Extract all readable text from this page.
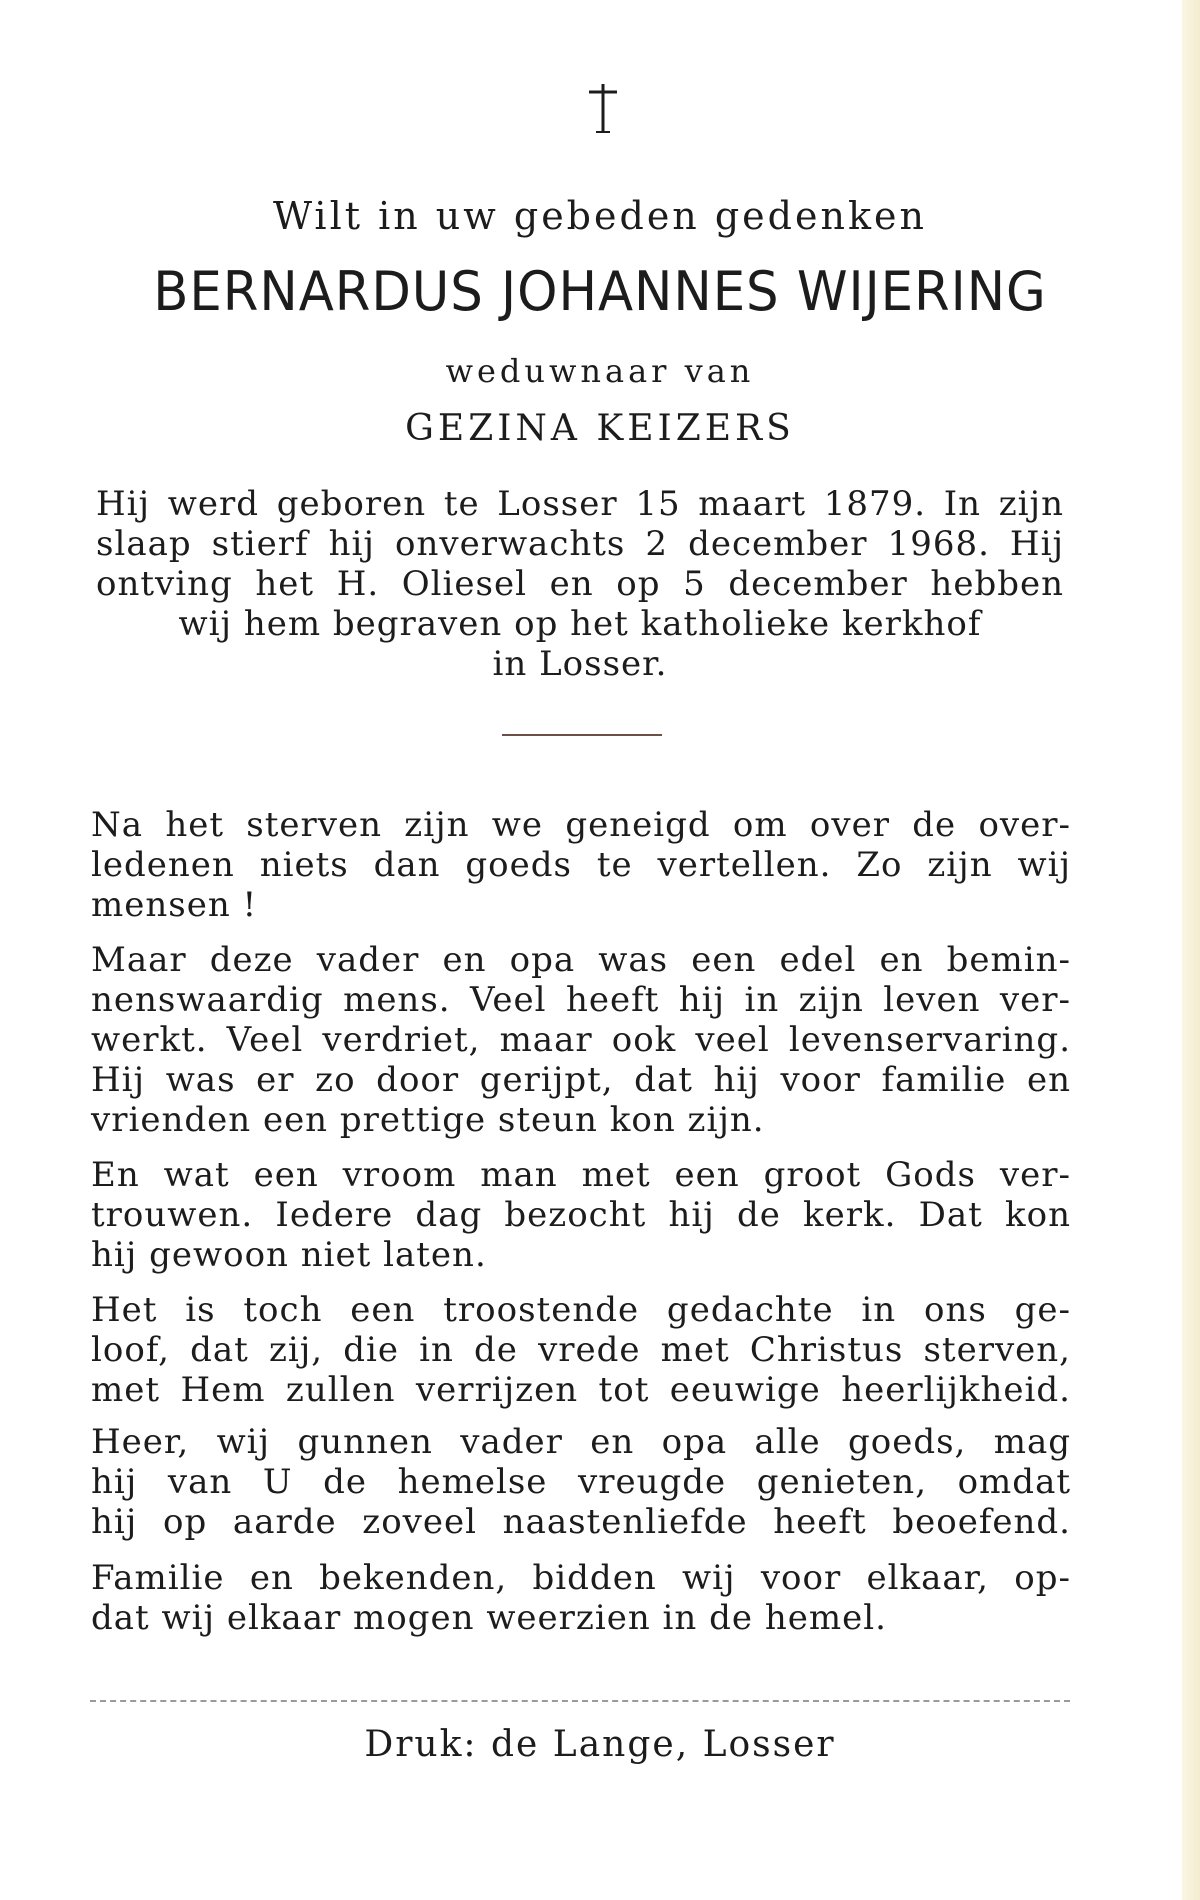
Wilt in uw gebeden gedenken
BERNARDUS JOHANNES WIJERING
weduwnaar van
GEZINA KEIZERS
Hij werd geboren te Losser 15 maart 1879. In zijn
slaap stierf hij onverwachts 2 december 1968. Hij
ontving het H. Oliesel en op 5 december hebben
wij hem begraven op het katholieke kerkhof
in Losser.
Na het sterven zijn we geneigd om over de over-
ledenen niets dan goeds te vertellen. Zo zijn wij
mensen !
Maar deze vader en opa was een edel en bemin-
nenswaardig mens. Veel heeft hij in zijn leven ver-
werkt. Veel verdriet, maar ook veel levenservaring.
Hij was er zo door gerijpt, dat hij voor familie en
vrienden een prettige steun kon zijn.
En wat een vroom man met een groot Gods ver-
trouwen. Iedere dag bezocht hij de kerk. Dat kon
hij gewoon niet laten.
Het is toch een troostende gedachte in ons ge-
loof, dat zij, die in de vrede met Christus sterven,
met Hem zullen verrijzen tot eeuwige heerlijkheid.
Heer, wij gunnen vader en opa alle goeds, mag
hij van U de hemelse vreugde genieten, omdat
hij op aarde zoveel naastenliefde heeft beoefend.
Familie en bekenden, bidden wij voor elkaar, op-
dat wij elkaar mogen weerzien in de hemel.
Druk: de Lange, Losser
